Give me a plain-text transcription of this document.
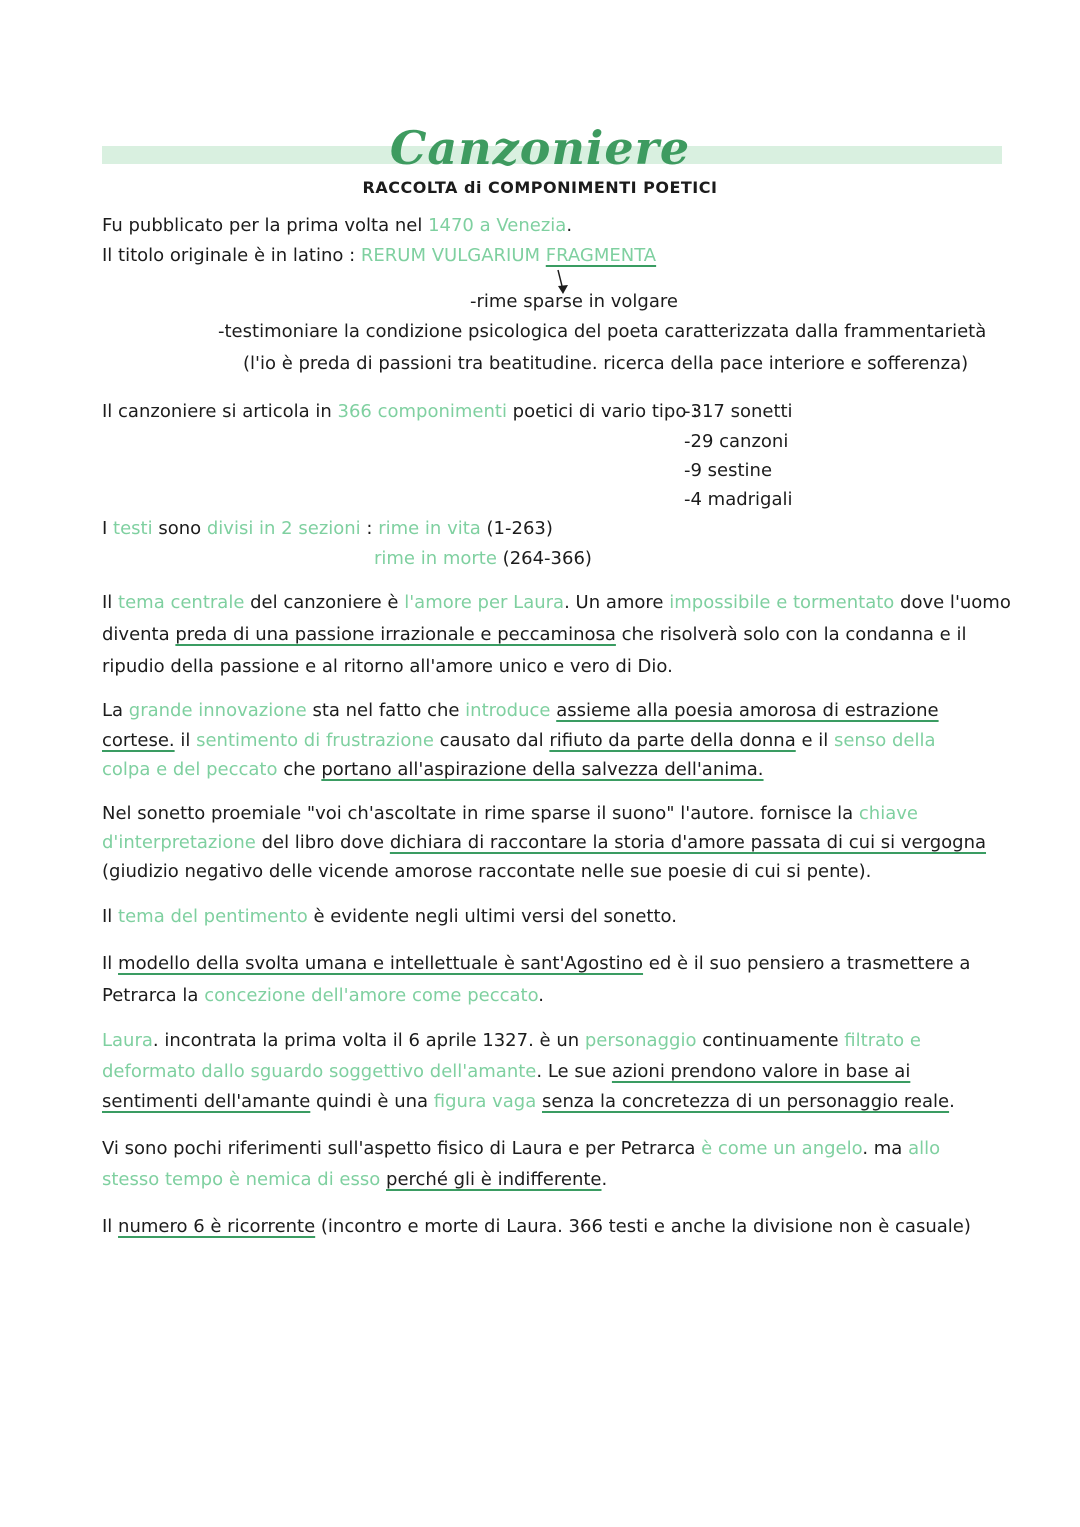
Canzoniere
RACCOLTA di COMPONIMENTI POETICI
Fu pubblicato per la prima volta nel 1470 a Venezia.
Il titolo originale è in latino : RERUM VULGARIUM FRAGMENTA
-rime sparse in volgare
-testimoniare la condizione psicologica del poeta caratterizzata dalla frammentarietà
(l'io è preda di passioni tra beatitudine. ricerca della pace interiore e sofferenza)
Il canzoniere si articola in 366 componimenti poetici di vario tipo :
-317 sonetti
-29 canzoni
-9 sestine
-4 madrigali
I testi sono divisi in 2 sezioni : rime in vita (1-263)
rime in morte (264-366)
Il tema centrale del canzoniere è l'amore per Laura. Un amore impossibile e tormentato dove l'uomo
diventa preda di una passione irrazionale e peccaminosa che risolverà solo con la condanna e il
ripudio della passione e al ritorno all'amore unico e vero di Dio.
La grande innovazione sta nel fatto che introduce assieme alla poesia amorosa di estrazione
cortese. il sentimento di frustrazione causato dal rifiuto da parte della donna e il senso della
colpa e del peccato che portano all'aspirazione della salvezza dell'anima.
Nel sonetto proemiale "voi ch'ascoltate in rime sparse il suono" l'autore. fornisce la chiave
d'interpretazione del libro dove dichiara di raccontare la storia d'amore passata di cui si vergogna
(giudizio negativo delle vicende amorose raccontate nelle sue poesie di cui si pente).
Il tema del pentimento è evidente negli ultimi versi del sonetto.
Il modello della svolta umana e intellettuale è sant'Agostino ed è il suo pensiero a trasmettere a
Petrarca la concezione dell'amore come peccato.
Laura. incontrata la prima volta il 6 aprile 1327. è un personaggio continuamente filtrato e
deformato dallo sguardo soggettivo dell'amante. Le sue azioni prendono valore in base ai
sentimenti dell'amante quindi è una figura vaga senza la concretezza di un personaggio reale.
Vi sono pochi riferimenti sull'aspetto fisico di Laura e per Petrarca è come un angelo. ma allo
stesso tempo è nemica di esso perché gli è indifferente.
Il numero 6 è ricorrente (incontro e morte di Laura. 366 testi e anche la divisione non è casuale)
